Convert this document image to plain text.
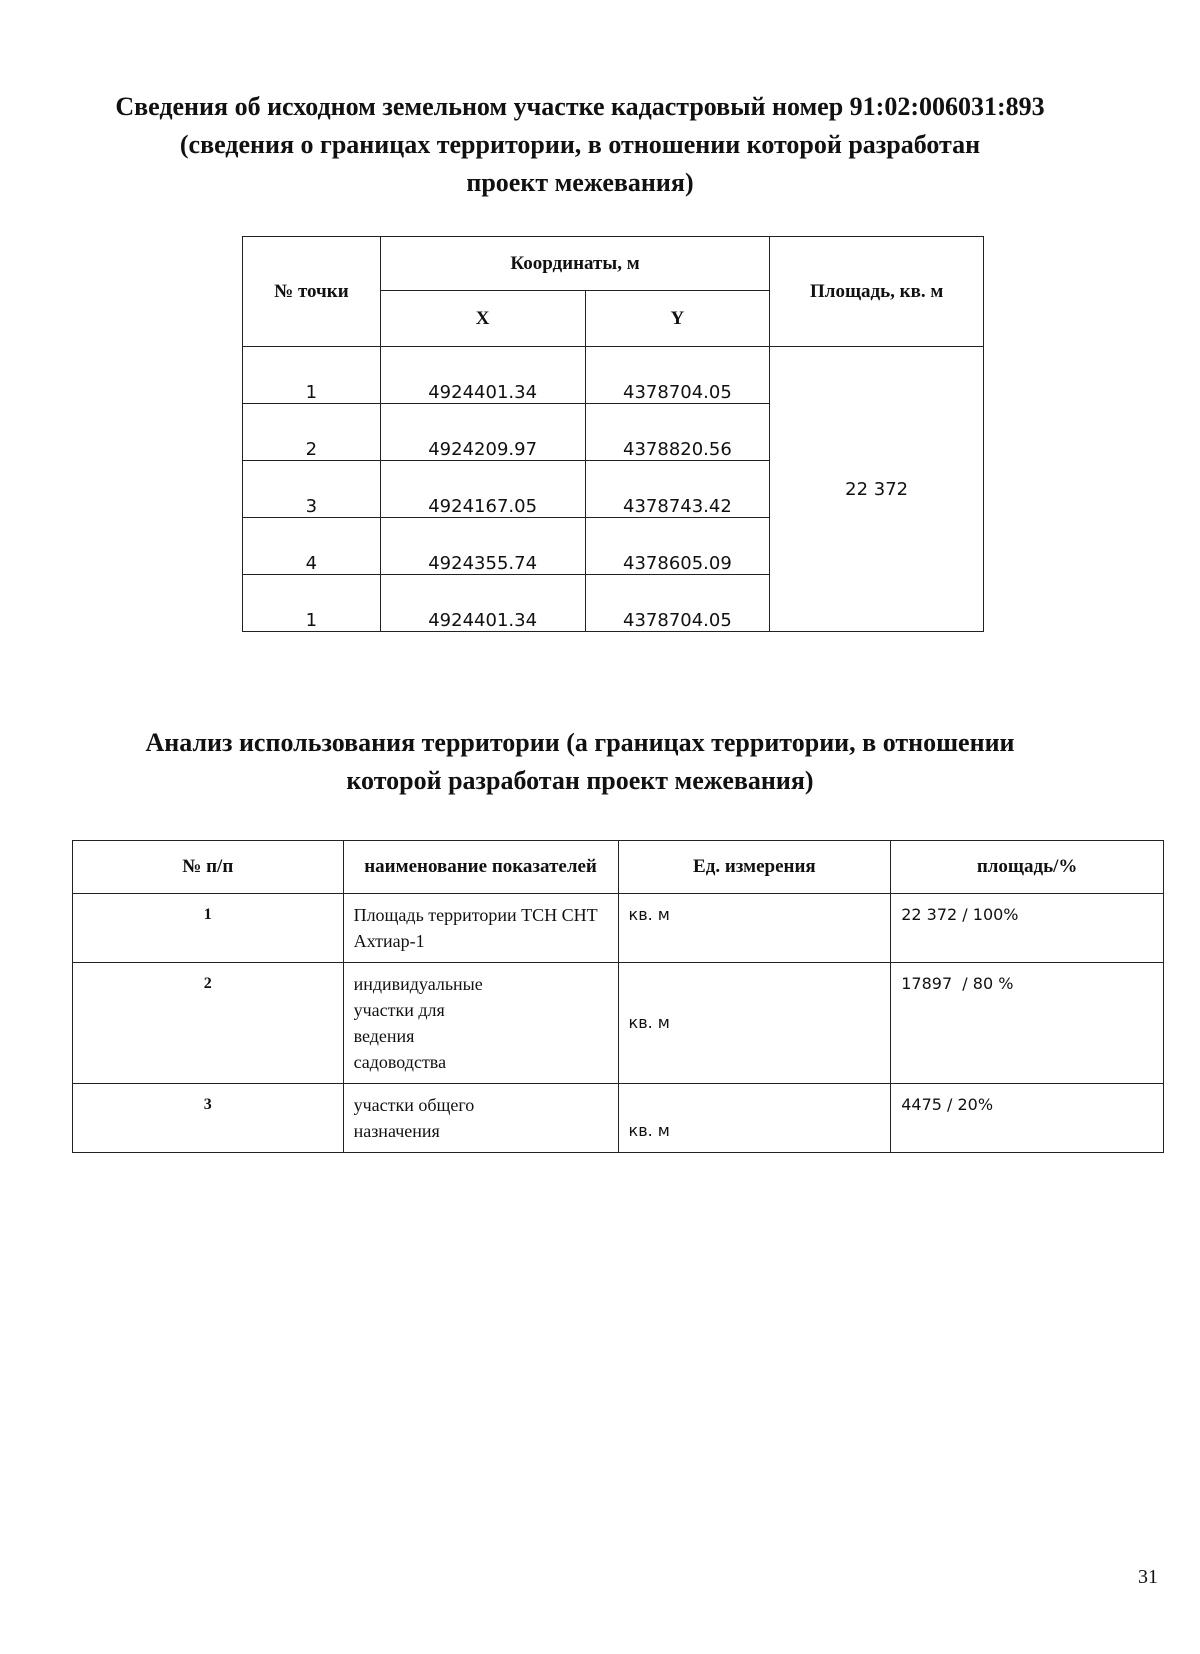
Сведения об исходном земельном участке кадастровый номер 91:02:006031:893
(сведения о границах территории, в отношении которой разработан
проект межевания)
№ точки	Координаты, м		Площадь, кв. м
	X	Y	
1	4924401.34	4378704.05	22 372
2	4924209.97	4378820.56	
3	4924167.05	4378743.42	
4	4924355.74	4378605.09	
1	4924401.34	4378704.05	
Анализ использования территории (а границах территории, в отношении
которой разработан проект межевания)
№ п/п	наименование показателей	Ед. измерения	площадь/%
1	Площадь территории ТСН СНТ Ахтиар-1	кв. м	22 372 / 100%
2	индивидуальные участки для ведения садоводства	кв. м	17897  / 80 %
3	участки общего назначения	кв. м	4475 / 20%
31
